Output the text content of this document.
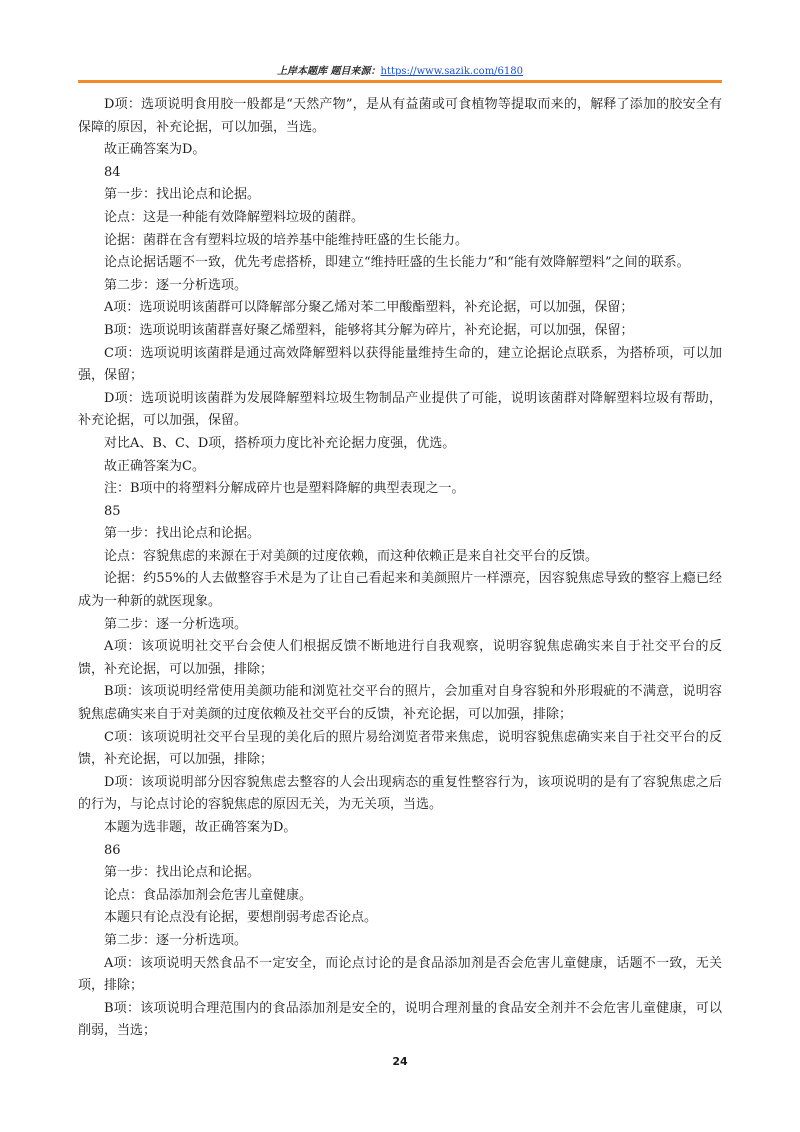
上岸本题库 题目来源：https://www.sazik.com/6180

D项：选项说明食用胶一般都是“天然产物”，是从有益菌或可食植物等提取而来的，解释了添加的胶安全有保障的原因，补充论据，可以加强，当选。

故正确答案为D。

84

第一步：找出论点和论据。

论点：这是一种能有效降解塑料垃圾的菌群。

论据：菌群在含有塑料垃圾的培养基中能维持旺盛的生长能力。

论点论据话题不一致，优先考虑搭桥，即建立“维持旺盛的生长能力”和“能有效降解塑料”之间的联系。

第二步：逐一分析选项。

A项：选项说明该菌群可以降解部分聚乙烯对苯二甲酸酯塑料，补充论据，可以加强，保留；

B项：选项说明该菌群喜好聚乙烯塑料，能够将其分解为碎片，补充论据，可以加强，保留；

C项：选项说明该菌群是通过高效降解塑料以获得能量维持生命的，建立论据论点联系，为搭桥项，可以加强，保留；

D项：选项说明该菌群为发展降解塑料垃圾生物制品产业提供了可能，说明该菌群对降解塑料垃圾有帮助，补充论据，可以加强，保留。

对比A、B、C、D项，搭桥项力度比补充论据力度强，优选。

故正确答案为C。

注：B项中的将塑料分解成碎片也是塑料降解的典型表现之一。

85

第一步：找出论点和论据。

论点：容貌焦虑的来源在于对美颜的过度依赖，而这种依赖正是来自社交平台的反馈。

论据：约55%的人去做整容手术是为了让自己看起来和美颜照片一样漂亮，因容貌焦虑导致的整容上瘾已经成为一种新的就医现象。

第二步：逐一分析选项。

A项：该项说明社交平台会使人们根据反馈不断地进行自我观察，说明容貌焦虑确实来自于社交平台的反馈，补充论据，可以加强，排除；

B项：该项说明经常使用美颜功能和浏览社交平台的照片，会加重对自身容貌和外形瑕疵的不满意，说明容貌焦虑确实来自于对美颜的过度依赖及社交平台的反馈，补充论据，可以加强，排除；

C项：该项说明社交平台呈现的美化后的照片易给浏览者带来焦虑，说明容貌焦虑确实来自于社交平台的反馈，补充论据，可以加强，排除；

D项：该项说明部分因容貌焦虑去整容的人会出现病态的重复性整容行为，该项说明的是有了容貌焦虑之后的行为，与论点讨论的容貌焦虑的原因无关，为无关项，当选。

本题为选非题，故正确答案为D。

86

第一步：找出论点和论据。

论点：食品添加剂会危害儿童健康。

本题只有论点没有论据，要想削弱考虑否论点。

第二步：逐一分析选项。

A项：该项说明天然食品不一定安全，而论点讨论的是食品添加剂是否会危害儿童健康，话题不一致，无关项，排除；

B项：该项说明合理范围内的食品添加剂是安全的，说明合理剂量的食品安全剂并不会危害儿童健康，可以削弱，当选；

24
